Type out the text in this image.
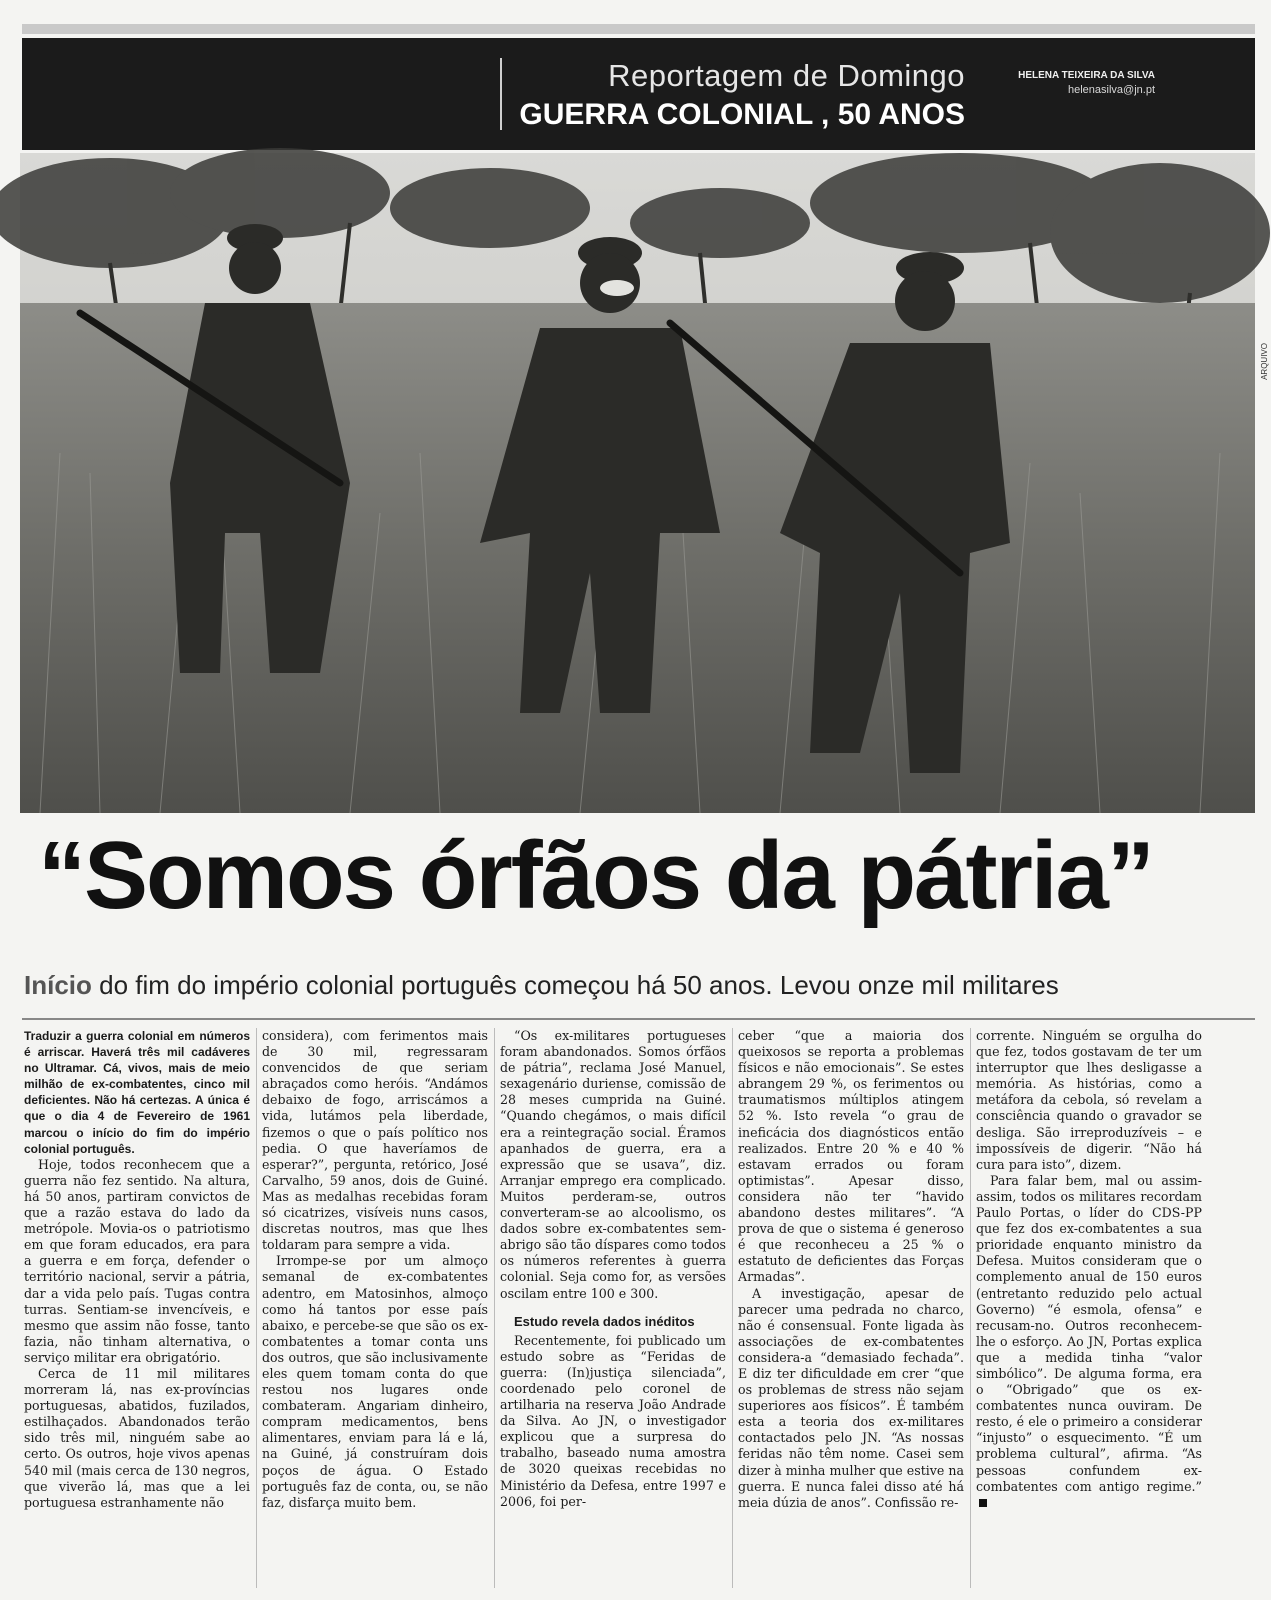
Reportagem de Domingo
GUERRA COLONIAL , 50 ANOS
HELENA TEIXEIRA DA SILVA
helenasilva@jn.pt
ARQUIVO
“Somos órfãos da pátria”
Início do fim do império colonial português começou há 50 anos. Levou onze mil militares

Traduzir a guerra colonial em números é arriscar. Haverá três mil cadáveres no Ultramar. Cá, vivos, mais de meio milhão de ex-combatentes, cinco mil deficientes. Não há certezas. A única é que o dia 4 de Fevereiro de 1961 marcou o início do fim do império colonial português.

Hoje, todos reconhecem que a guerra não fez sentido. Na altura, há 50 anos, partiram convictos de que a razão estava do lado da metrópole. Movia-os o patriotismo em que foram educados, era para a guerra e em força, defender o território nacional, servir a pátria, dar a vida pelo país. Tugas contra turras. Sentiam-se invencíveis, e mesmo que assim não fosse, tanto fazia, não tinham alternativa, o serviço militar era obrigatório.

Cerca de 11 mil militares morreram lá, nas ex-províncias portuguesas, abatidos, fuzilados, estilhaçados. Abandonados terão sido três mil, ninguém sabe ao certo. Os outros, hoje vivos apenas 540 mil (mais cerca de 130 negros, que viverão lá, mas que a lei portuguesa estranhamente não

considera), com ferimentos mais de 30 mil, regressaram convencidos de que seriam abraçados como heróis. “Andámos debaixo de fogo, arriscámos a vida, lutámos pela liberdade, fizemos o que o país político nos pedia. O que haveríamos de esperar?”, pergunta, retórico, José Carvalho, 59 anos, dois de Guiné. Mas as medalhas recebidas foram só cicatrizes, visíveis nuns casos, discretas noutros, mas que lhes toldaram para sempre a vida.

Irrompe-se por um almoço semanal de ex-combatentes adentro, em Matosinhos, almoço como há tantos por esse país abaixo, e percebe-se que são os ex-combatentes a tomar conta uns dos outros, que são inclusivamente eles quem tomam conta do que restou nos lugares onde combateram. Angariam dinheiro, compram medicamentos, bens alimentares, enviam para lá e lá, na Guiné, já construíram dois poços de água. O Estado português faz de conta, ou, se não faz, disfarça muito bem.

“Os ex-militares portugueses foram abandonados. Somos órfãos de pátria”, reclama José Manuel, sexagenário duriense, comissão de 28 meses cumprida na Guiné. “Quando chegámos, o mais difícil era a reintegração social. Éramos apanhados de guerra, era a expressão que se usava”, diz. Arranjar emprego era complicado. Muitos perderam-se, outros converteram-se ao alcoolismo, os dados sobre ex-combatentes sem-abrigo são tão díspares como todos os números referentes à guerra colonial. Seja como for, as versões oscilam entre 100 e 300.

Estudo revela dados inéditos

Recentemente, foi publicado um estudo sobre as “Feridas de guerra: (In)justiça silenciada”, coordenado pelo coronel de artilharia na reserva João Andrade da Silva. Ao JN, o investigador explicou que a surpresa do trabalho, baseado numa amostra de 3020 queixas recebidas no Ministério da Defesa, entre 1997 e 2006, foi per-

ceber “que a maioria dos queixosos se reporta a problemas físicos e não emocionais”. Se estes abrangem 29 %, os ferimentos ou traumatismos múltiplos atingem 52 %. Isto revela “o grau de ineficácia dos diagnósticos então realizados. Entre 20 % e 40 % estavam errados ou foram optimistas”. Apesar disso, considera não ter “havido abandono destes militares”. “A prova de que o sistema é generoso é que reconheceu a 25 % o estatuto de deficientes das Forças Armadas”.

A investigação, apesar de parecer uma pedrada no charco, não é consensual. Fonte ligada às associações de ex-combatentes considera-a “demasiado fechada”. E diz ter dificuldade em crer “que os problemas de stress não sejam superiores aos físicos”. É também esta a teoria dos ex-militares contactados pelo JN. “As nossas feridas não têm nome. Casei sem dizer à minha mulher que estive na guerra. E nunca falei disso até há meia dúzia de anos”. Confissão re-

corrente. Ninguém se orgulha do que fez, todos gostavam de ter um interruptor que lhes desligasse a memória. As histórias, como a metáfora da cebola, só revelam a consciência quando o gravador se desliga. São irreproduzíveis – e impossíveis de digerir. “Não há cura para isto”, dizem.

Para falar bem, mal ou assim-assim, todos os militares recordam Paulo Portas, o líder do CDS-PP que fez dos ex-combatentes a sua prioridade enquanto ministro da Defesa. Muitos consideram que o complemento anual de 150 euros (entretanto reduzido pelo actual Governo) “é esmola, ofensa” e recusam-no. Outros reconhecem-lhe o esforço. Ao JN, Portas explica que a medida tinha “valor simbólico”. De alguma forma, era o “Obrigado” que os ex-combatentes nunca ouviram. De resto, é ele o primeiro a considerar “injusto” o esquecimento. “É um problema cultural”, afirma. “As pessoas confundem ex-combatentes com antigo regime.”
